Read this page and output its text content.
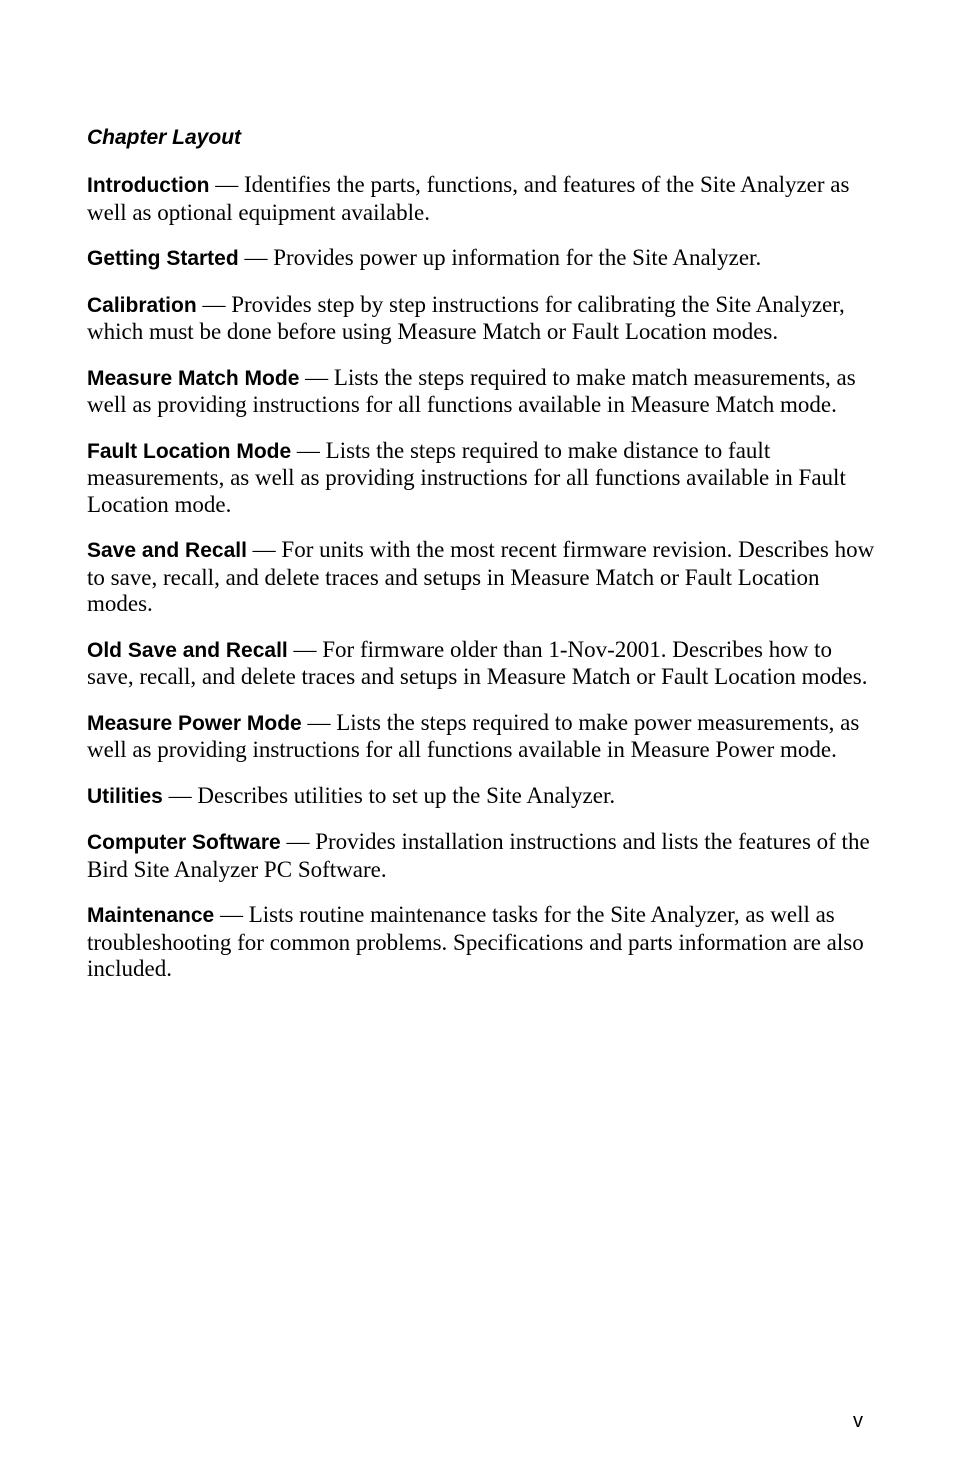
Chapter Layout
Introduction — Identifies the parts, functions, and features of the Site Analyzer as well as optional equipment available.
Getting Started — Provides power up information for the Site Analyzer.
Calibration — Provides step by step instructions for calibrating the Site Analyzer, which must be done before using Measure Match or Fault Location modes.
Measure Match Mode — Lists the steps required to make match measurements, as well as providing instructions for all functions available in Measure Match mode.
Fault Location Mode — Lists the steps required to make distance to fault measurements, as well as providing instructions for all functions available in Fault Location mode.
Save and Recall — For units with the most recent firmware revision. Describes how to save, recall, and delete traces and setups in Measure Match or Fault Location modes.
Old Save and Recall — For firmware older than 1-Nov-2001. Describes how to save, recall, and delete traces and setups in Measure Match or Fault Location modes.
Measure Power Mode — Lists the steps required to make power measurements, as well as providing instructions for all functions available in Measure Power mode.
Utilities — Describes utilities to set up the Site Analyzer.
Computer Software — Provides installation instructions and lists the features of the Bird Site Analyzer PC Software.
Maintenance — Lists routine maintenance tasks for the Site Analyzer, as well as troubleshooting for common problems. Specifications and parts information are also included.
v
